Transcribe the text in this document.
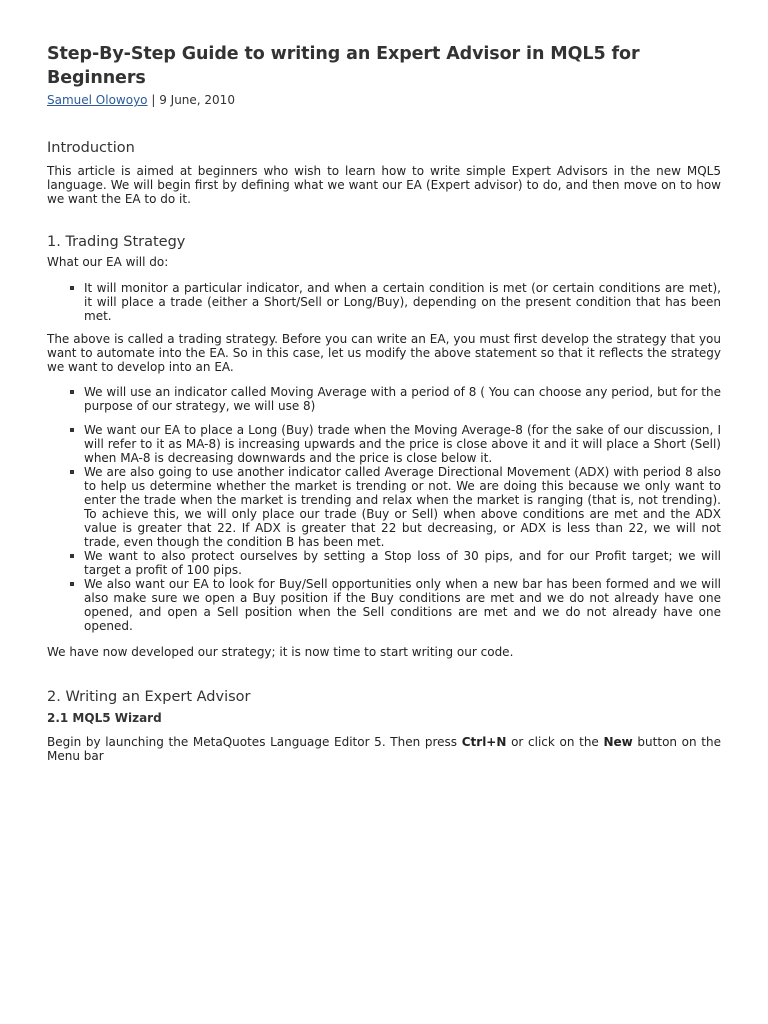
Step-By-Step Guide to writing an Expert Advisor in MQL5 for Beginners
Samuel Olowoyo | 9 June, 2010
Introduction

This article is aimed at beginners who wish to learn how to write simple Expert Advisors in the new MQL5 language. We will begin first by defining what we want our EA (Expert advisor) to do, and then move on to how we want the EA to do it.

1. Trading Strategy

What our EA will do:

It will monitor a particular indicator, and when a certain condition is met (or certain conditions are met), it will place a trade (either a Short/Sell or Long/Buy), depending on the present condition that has been met.

The above is called a trading strategy. Before you can write an EA, you must first develop the strategy that you want to automate into the EA. So in this case, let us modify the above statement so that it reflects the strategy we want to develop into an EA.

We will use an indicator called Moving Average with a period of 8 ( You can choose any period, but for the purpose of our strategy, we will use 8)
We want our EA to place a Long (Buy) trade when the Moving Average-8 (for the sake of our discussion, I will refer to it as MA-8) is increasing upwards and the price is close above it and it will place a Short (Sell) when MA-8 is decreasing downwards and the price is close below it.
We are also going to use another indicator called Average Directional Movement (ADX) with period 8 also to help us determine whether the market is trending or not. We are doing this because we only want to enter the trade when the market is trending and relax when the market is ranging (that is, not trending). To achieve this, we will only place our trade (Buy or Sell) when above conditions are met and the ADX value is greater that 22. If ADX is greater that 22 but decreasing, or ADX is less than 22, we will not trade, even though the condition B has been met.
We want to also protect ourselves by setting a Stop loss of 30 pips, and for our Profit target; we will target a profit of 100 pips.
We also want our EA to look for Buy/Sell opportunities only when a new bar has been formed and we will also make sure we open a Buy position if the Buy conditions are met and we do not already have one opened, and open a Sell position when the Sell conditions are met and we do not already have one opened.

We have now developed our strategy; it is now time to start writing our code.

2. Writing an Expert Advisor
2.1 MQL5 Wizard

Begin by launching the MetaQuotes Language Editor 5. Then press Ctrl+N or click on the New button on the Menu bar
